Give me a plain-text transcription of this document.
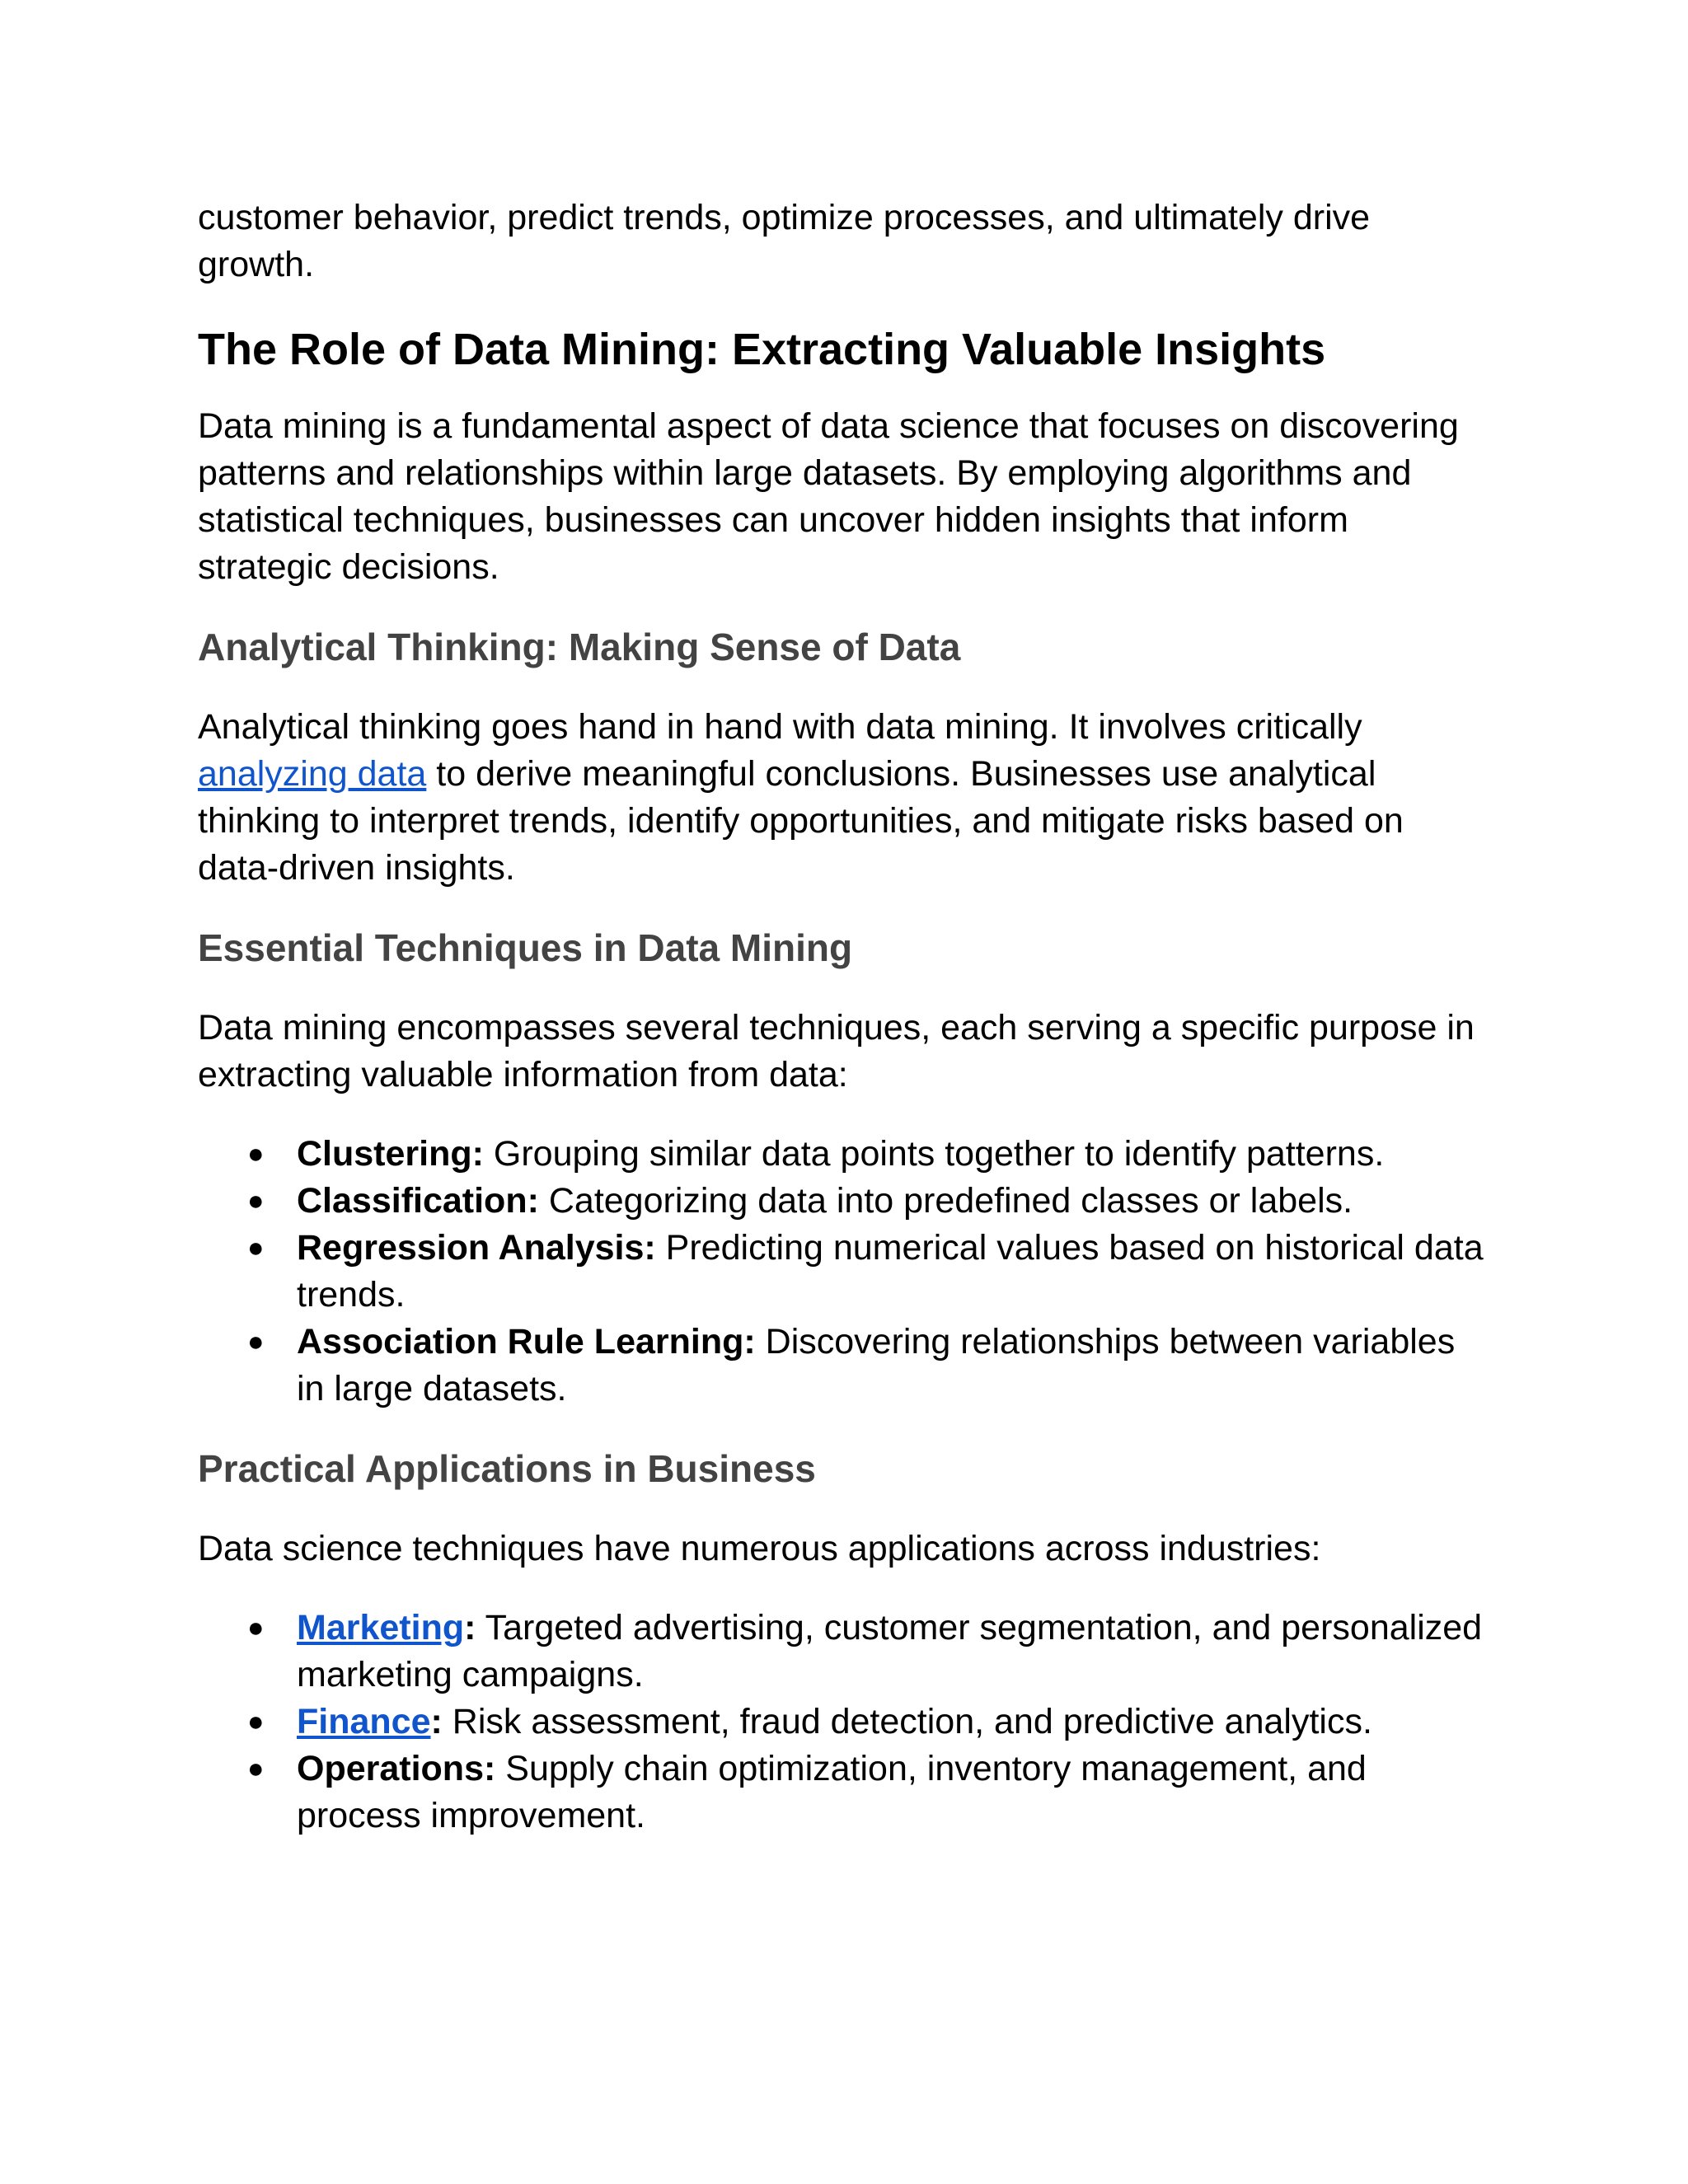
customer behavior, predict trends, optimize processes, and ultimately drive growth.

The Role of Data Mining: Extracting Valuable Insights

Data mining is a fundamental aspect of data science that focuses on discovering patterns and relationships within large datasets. By employing algorithms and statistical techniques, businesses can uncover hidden insights that inform strategic decisions.

Analytical Thinking: Making Sense of Data

Analytical thinking goes hand in hand with data mining. It involves critically analyzing data to derive meaningful conclusions. Businesses use analytical thinking to interpret trends, identify opportunities, and mitigate risks based on data-driven insights.

Essential Techniques in Data Mining

Data mining encompasses several techniques, each serving a specific purpose in extracting valuable information from data:

● Clustering: Grouping similar data points together to identify patterns.
● Classification: Categorizing data into predefined classes or labels.
● Regression Analysis: Predicting numerical values based on historical data trends.
● Association Rule Learning: Discovering relationships between variables in large datasets.
Practical Applications in Business

Data science techniques have numerous applications across industries:

● Marketing: Targeted advertising, customer segmentation, and personalized marketing campaigns.
● Finance: Risk assessment, fraud detection, and predictive analytics.
● Operations: Supply chain optimization, inventory management, and process improvement.
